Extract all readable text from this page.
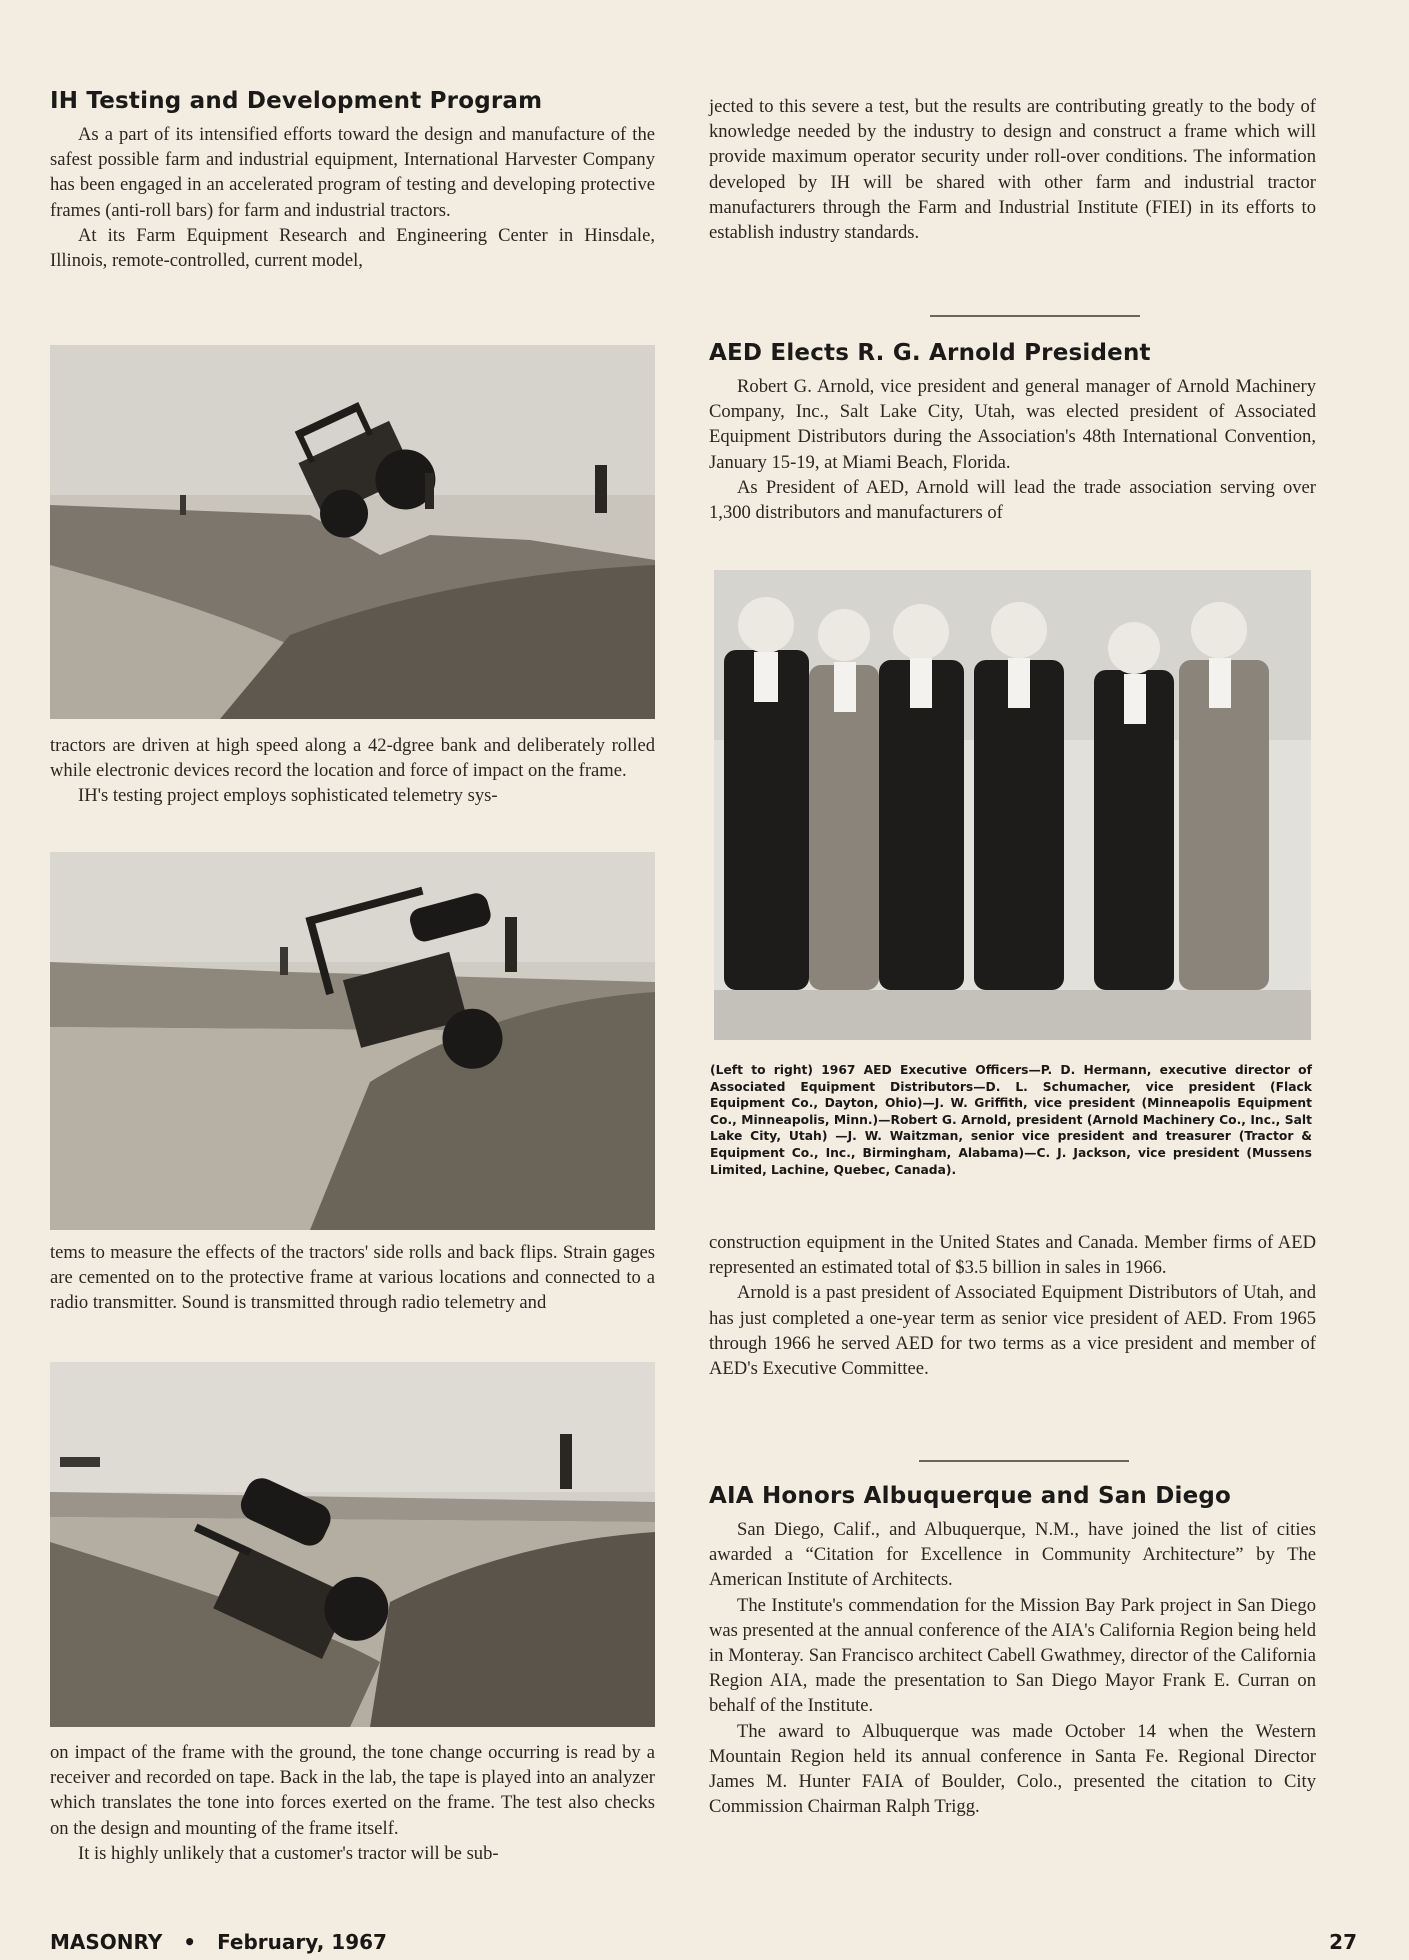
IH Testing and Development Program

As a part of its intensified efforts toward the design and manufacture of the safest possible farm and industrial equipment, International Harvester Company has been engaged in an accelerated program of testing and developing protective frames (anti-roll bars) for farm and industrial tractors.

At its Farm Equipment Research and Engineering Center in Hinsdale, Illinois, remote-controlled, current model,

tractors are driven at high speed along a 42-dgree bank and deliberately rolled while electronic devices record the location and force of impact on the frame.

IH's testing project employs sophisticated telemetry sys-

tems to measure the effects of the tractors' side rolls and back flips. Strain gages are cemented on to the protective frame at various locations and connected to a radio transmitter. Sound is transmitted through radio telemetry and

on impact of the frame with the ground, the tone change occurring is read by a receiver and recorded on tape. Back in the lab, the tape is played into an analyzer which translates the tone into forces exerted on the frame. The test also checks on the design and mounting of the frame itself.

It is highly unlikely that a customer's tractor will be sub-

jected to this severe a test, but the results are contributing greatly to the body of knowledge needed by the industry to design and construct a frame which will provide maximum operator security under roll-over conditions. The information developed by IH will be shared with other farm and industrial tractor manufacturers through the Farm and Industrial Institute (FIEI) in its efforts to establish industry standards.

AED Elects R. G. Arnold President

Robert G. Arnold, vice president and general manager of Arnold Machinery Company, Inc., Salt Lake City, Utah, was elected president of Associated Equipment Distributors during the Association's 48th International Convention, January 15-19, at Miami Beach, Florida.

As President of AED, Arnold will lead the trade association serving over 1,300 distributors and manufacturers of

(Left to right) 1967 AED Executive Officers—P. D. Hermann, executive director of Associated Equipment Distributors—D. L. Schumacher, vice president (Flack Equipment Co., Dayton, Ohio)—J. W. Griffith, vice president (Minneapolis Equipment Co., Minneapolis, Minn.)—Robert G. Arnold, president (Arnold Machinery Co., Inc., Salt Lake City, Utah) —J. W. Waitzman, senior vice president and treasurer (Tractor & Equipment Co., Inc., Birmingham, Alabama)—C. J. Jackson, vice president (Mussens Limited, Lachine, Quebec, Canada).

construction equipment in the United States and Canada. Member firms of AED represented an estimated total of $3.5 billion in sales in 1966.

Arnold is a past president of Associated Equipment Distributors of Utah, and has just completed a one-year term as senior vice president of AED. From 1965 through 1966 he served AED for two terms as a vice president and member of AED's Executive Committee.

AIA Honors Albuquerque and San Diego

San Diego, Calif., and Albuquerque, N.M., have joined the list of cities awarded a “Citation for Excellence in Community Architecture” by The American Institute of Architects.

The Institute's commendation for the Mission Bay Park project in San Diego was presented at the annual conference of the AIA's California Region being held in Monteray. San Francisco architect Cabell Gwathmey, director of the California Region AIA, made the presentation to San Diego Mayor Frank E. Curran on behalf of the Institute.

The award to Albuquerque was made October 14 when the Western Mountain Region held its annual conference in Santa Fe. Regional Director James M. Hunter FAIA of Boulder, Colo., presented the citation to City Commission Chairman Ralph Trigg.

MASONRY • February, 1967	27
